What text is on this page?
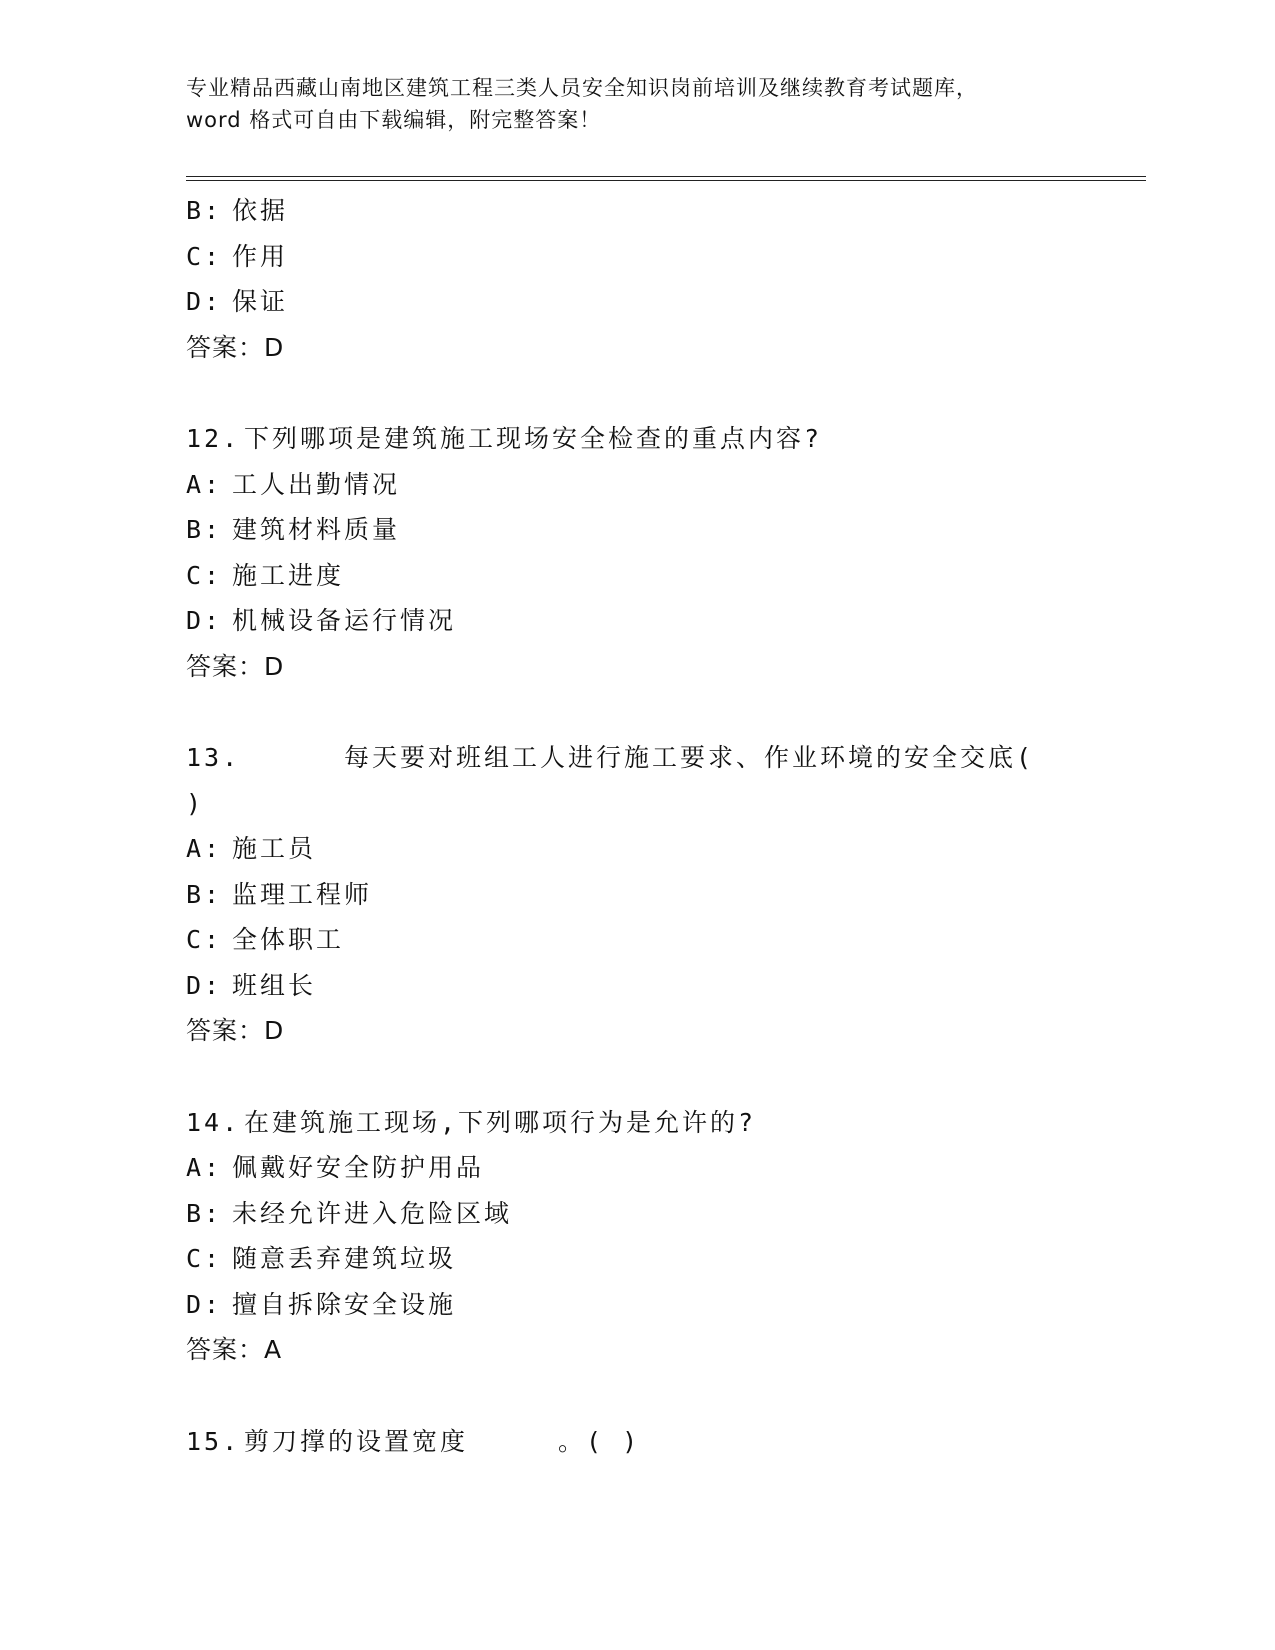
专业精品西藏山南地区建筑工程三类人员安全知识岗前培训及继续教育考试题库，
word 格式可自由下载编辑，附完整答案！
B: 依据
C: 作用
D: 保证
答案：D
12. 下列哪项是建筑施工现场安全检查的重点内容?
A: 工人出勤情况
B: 建筑材料质量
C: 施工进度
D: 机械设备运行情况
答案：D
13.	每天要对班组工人进行施工要求、作业环境的安全交底(
)
A: 施工员
B: 监理工程师
C: 全体职工
D: 班组长
答案：D
14. 在建筑施工现场,下列哪项行为是允许的?
A: 佩戴好安全防护用品
B: 未经允许进入危险区域
C: 随意丢弃建筑垃圾
D: 擅自拆除安全设施
答案：A
15. 剪刀撑的设置宽度	。( )
